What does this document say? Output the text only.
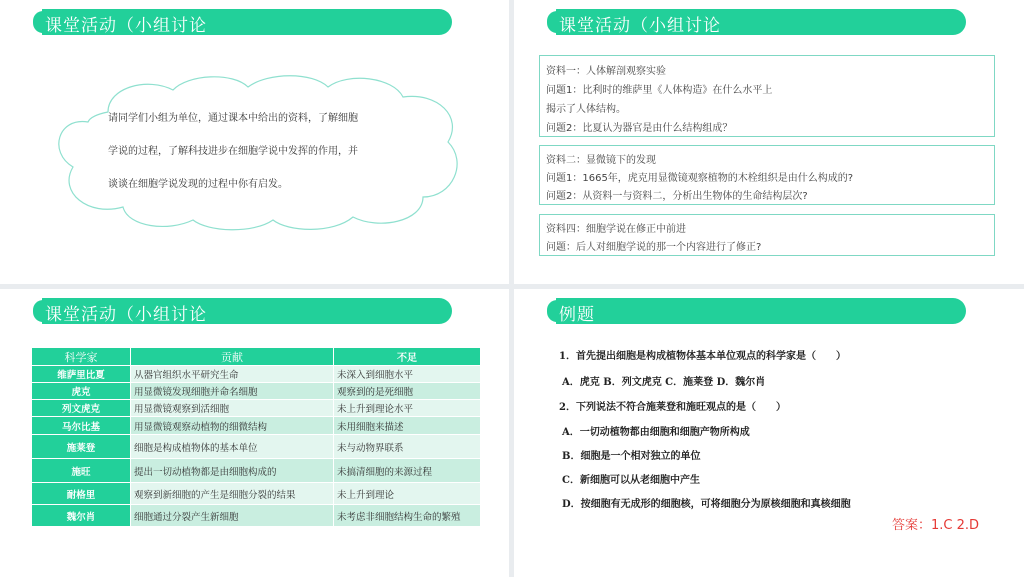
课堂活动（小组讨论
请同学们小组为单位，通过课本中给出的资料，了解细胞
学说的过程，了解科技进步在细胞学说中发挥的作用，并
谈谈在细胞学说发现的过程中你有启发。
课堂活动（小组讨论
资料一：人体解剖观察实验
问题1：比利时的维萨里《人体构造》在什么水平上
揭示了人体结构。
问题2：比夏认为器官是由什么结构组成？
资料二：显微镜下的发现
问题1：1665年，虎克用显微镜观察植物的木栓组织是由什么构成的?
问题2：从资料一与资料二，分析出生物体的生命结构层次?
资料四：细胞学说在修正中前进
问题：后人对细胞学说的那一个内容进行了修正?
课堂活动（小组讨论
科学家	贡献	不足
维萨里比夏	从器官组织水平研究生命	未深入到细胞水平
虎克	用显微镜发现细胞并命名细胞	观察到的是死细胞
列文虎克	用显微镜观察到活细胞	未上升到理论水平
马尔比基	用显微镜观察动植物的细微结构	未用细胞来描述
施莱登	细胞是构成植物体的基本单位	未与动物界联系
施旺	提出一切动植物都是由细胞构成的	未搞清细胞的来源过程
耐格里	观察到新细胞的产生是细胞分裂的结果	未上升到理论
魏尔肖	细胞通过分裂产生新细胞	未考虑非细胞结构生命的繁殖
例题
1．首先提出细胞是构成植物体基本单位观点的科学家是（　　）
A．虎克 B．列文虎克 C．施莱登 D．魏尔肖
2．下列说法不符合施莱登和施旺观点的是（　　）
A．一切动植物都由细胞和细胞产物所构成
B．细胞是一个相对独立的单位
C．新细胞可以从老细胞中产生
D．按细胞有无成形的细胞核，可将细胞分为原核细胞和真核细胞
答案：1.C 2.D
